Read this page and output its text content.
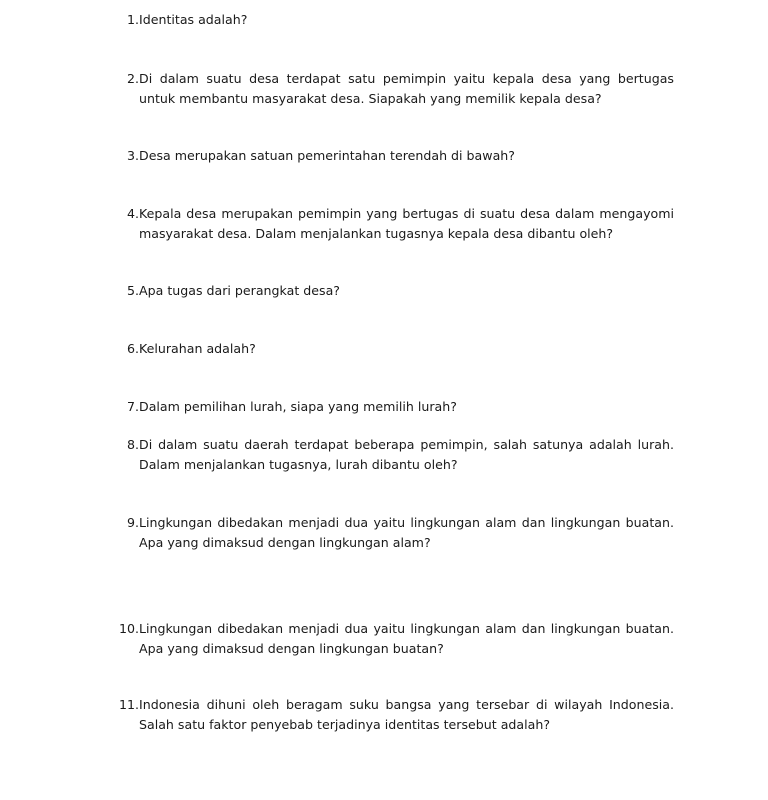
1. Identitas adalah?
2. Di dalam suatu desa terdapat satu pemimpin yaitu kepala desa yang bertugas untuk membantu masyarakat desa. Siapakah yang memilik kepala desa?
3. Desa merupakan satuan pemerintahan terendah di bawah?
4. Kepala desa merupakan pemimpin yang bertugas di suatu desa dalam mengayomi masyarakat desa. Dalam menjalankan tugasnya kepala desa dibantu oleh?
5. Apa tugas dari perangkat desa?
6. Kelurahan adalah?
7. Dalam pemilihan lurah, siapa yang memilih lurah?
8. Di dalam suatu daerah terdapat beberapa pemimpin, salah satunya adalah lurah. Dalam menjalankan tugasnya, lurah dibantu oleh?
9. Lingkungan dibedakan menjadi dua yaitu lingkungan alam dan lingkungan buatan. Apa yang dimaksud dengan lingkungan alam?
10. Lingkungan dibedakan menjadi dua yaitu lingkungan alam dan lingkungan buatan. Apa yang dimaksud dengan lingkungan buatan?
11. Indonesia dihuni oleh beragam suku bangsa yang tersebar di wilayah Indonesia. Salah satu faktor penyebab terjadinya identitas tersebut adalah?
